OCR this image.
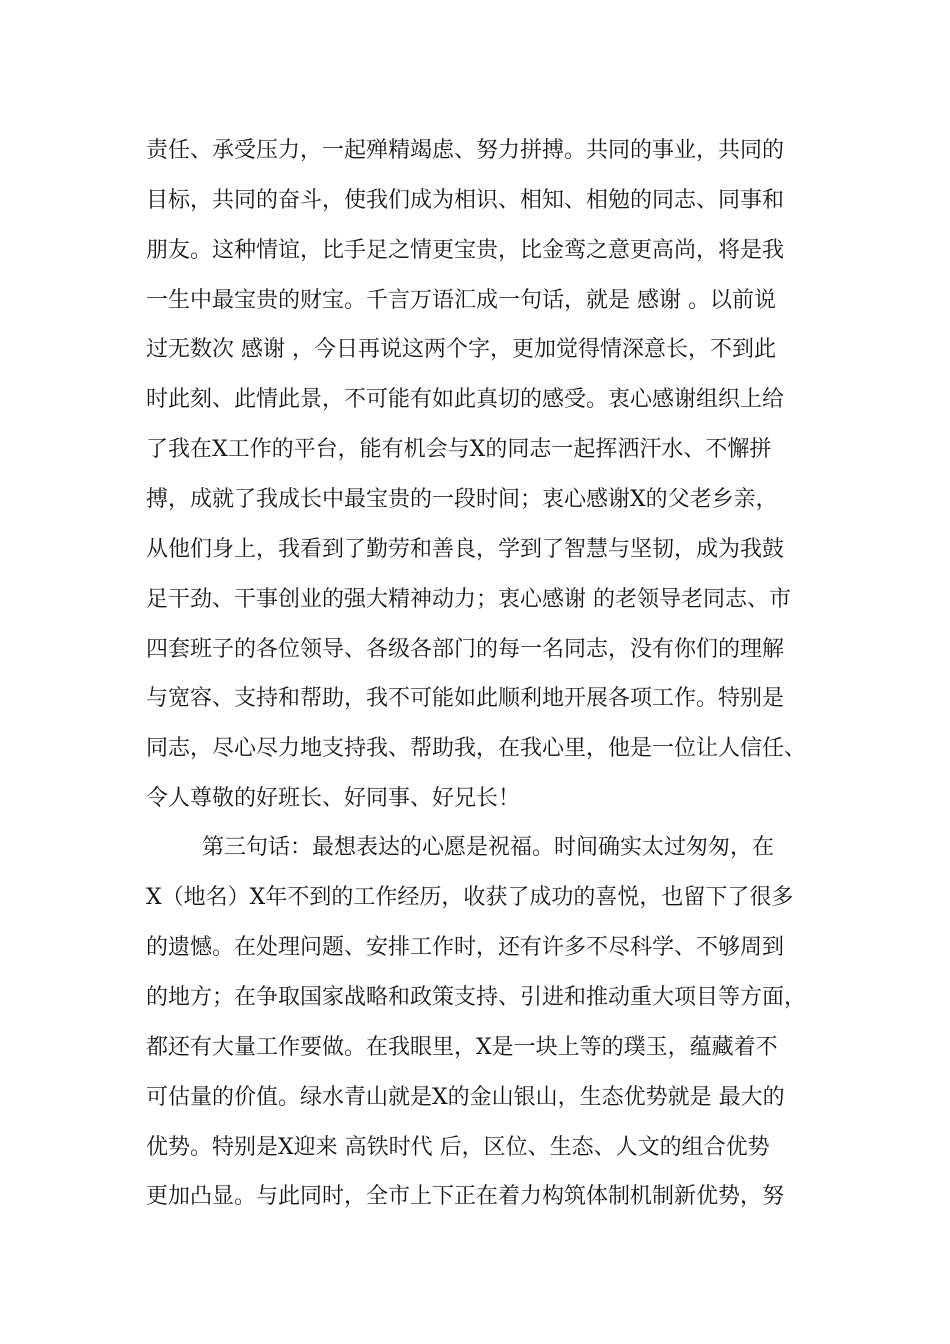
责任、承受压力，一起殚精竭虑、努力拼搏。共同的事业，共同的
目标，共同的奋斗，使我们成为相识、相知、相勉的同志、同事和
朋友。这种情谊，比手足之情更宝贵，比金鸾之意更高尚，将是我
一生中最宝贵的财宝。千言万语汇成一句话，就是 感谢 。以前说
过无数次 感谢 ，今日再说这两个字，更加觉得情深意长，不到此
时此刻、此情此景，不可能有如此真切的感受。衷心感谢组织上给
了我在X工作的平台，能有机会与X的同志一起挥洒汗水、不懈拼
搏，成就了我成长中最宝贵的一段时间；衷心感谢X的父老乡亲，
从他们身上，我看到了勤劳和善良，学到了智慧与坚韧，成为我鼓
足干劲、干事创业的强大精神动力；衷心感谢 的老领导老同志、市
四套班子的各位领导、各级各部门的每一名同志，没有你们的理解
与宽容、支持和帮助，我不可能如此顺利地开展各项工作。特别是
同志，尽心尽力地支持我、帮助我，在我心里，他是一位让人信任、
令人尊敬的好班长、好同事、好兄长！
第三句话：最想表达的心愿是祝福。时间确实太过匆匆，在
X（地名）X年不到的工作经历，收获了成功的喜悦，也留下了很多
的遗憾。在处理问题、安排工作时，还有许多不尽科学、不够周到
的地方；在争取国家战略和政策支持、引进和推动重大项目等方面，
都还有大量工作要做。在我眼里，X是一块上等的璞玉，蕴藏着不
可估量的价值。绿水青山就是X的金山银山，生态优势就是 最大的
优势。特别是X迎来 高铁时代 后，区位、生态、人文的组合优势
更加凸显。与此同时，全市上下正在着力构筑体制机制新优势，努
